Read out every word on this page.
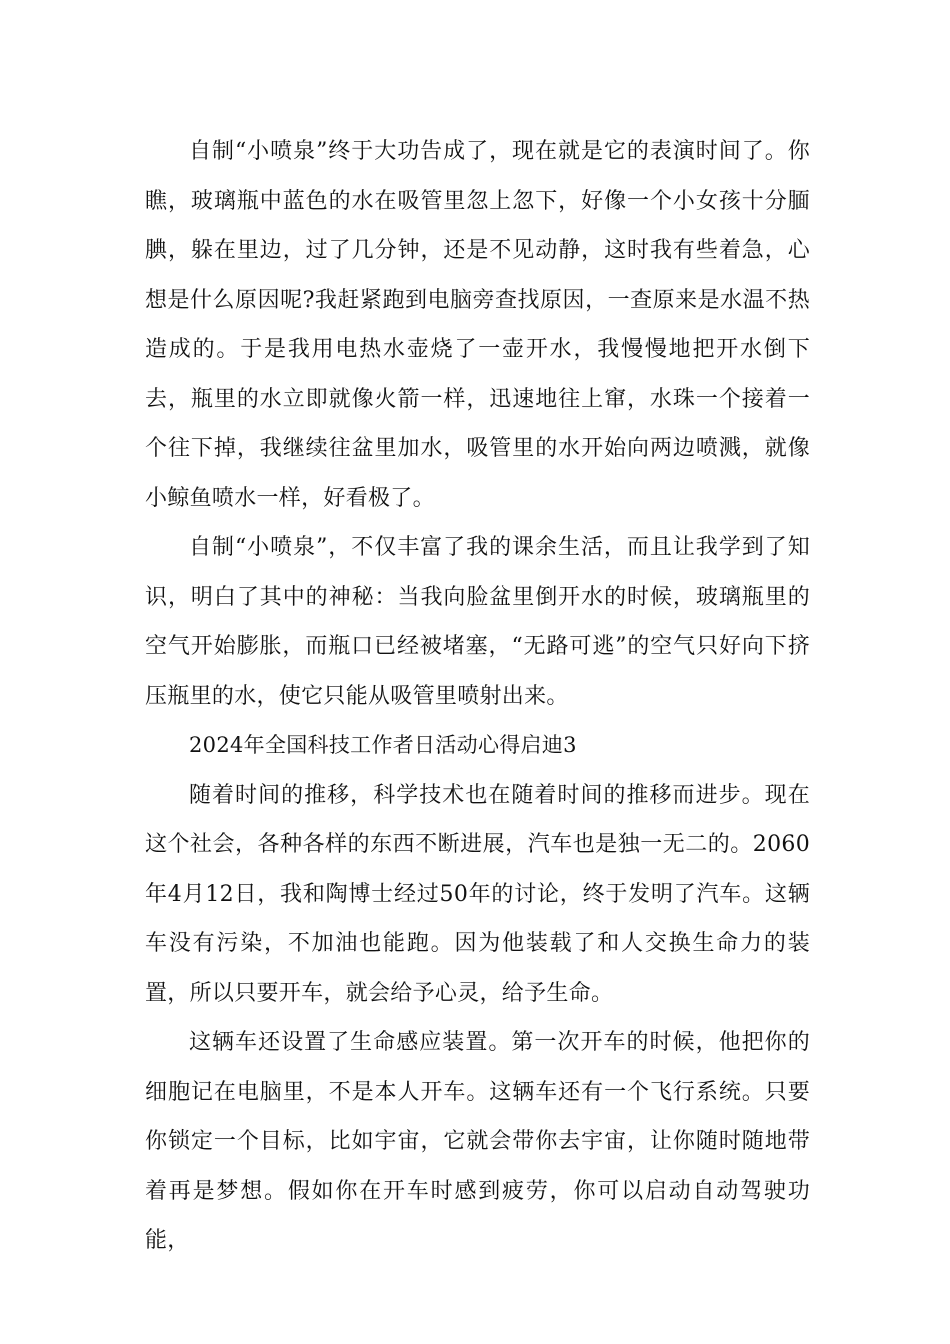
自制“小喷泉”终于大功告成了，现在就是它的表演时间了。你瞧，玻璃瓶中蓝色的水在吸管里忽上忽下，好像一个小女孩十分腼腆，躲在里边，过了几分钟，还是不见动静，这时我有些着急，心想是什么原因呢?我赶紧跑到电脑旁查找原因，一查原来是水温不热造成的。于是我用电热水壶烧了一壶开水，我慢慢地把开水倒下去，瓶里的水立即就像火箭一样，迅速地往上窜，水珠一个接着一个往下掉，我继续往盆里加水，吸管里的水开始向两边喷溅，就像小鲸鱼喷水一样，好看极了。

自制“小喷泉”，不仅丰富了我的课余生活，而且让我学到了知识，明白了其中的神秘：当我向脸盆里倒开水的时候，玻璃瓶里的空气开始膨胀，而瓶口已经被堵塞，“无路可逃”的空气只好向下挤压瓶里的水，使它只能从吸管里喷射出来。

2024年全国科技工作者日活动心得启迪3

随着时间的推移，科学技术也在随着时间的推移而进步。现在这个社会，各种各样的东西不断进展，汽车也是独一无二的。2060年4月12日，我和陶博士经过50年的讨论，终于发明了汽车。这辆车没有污染，不加油也能跑。因为他装载了和人交换生命力的装置，所以只要开车，就会给予心灵，给予生命。

这辆车还设置了生命感应装置。第一次开车的时候，他把你的细胞记在电脑里，不是本人开车。这辆车还有一个飞行系统。只要你锁定一个目标，比如宇宙，它就会带你去宇宙，让你随时随地带着再是梦想。假如你在开车时感到疲劳，你可以启动自动驾驶功能，
